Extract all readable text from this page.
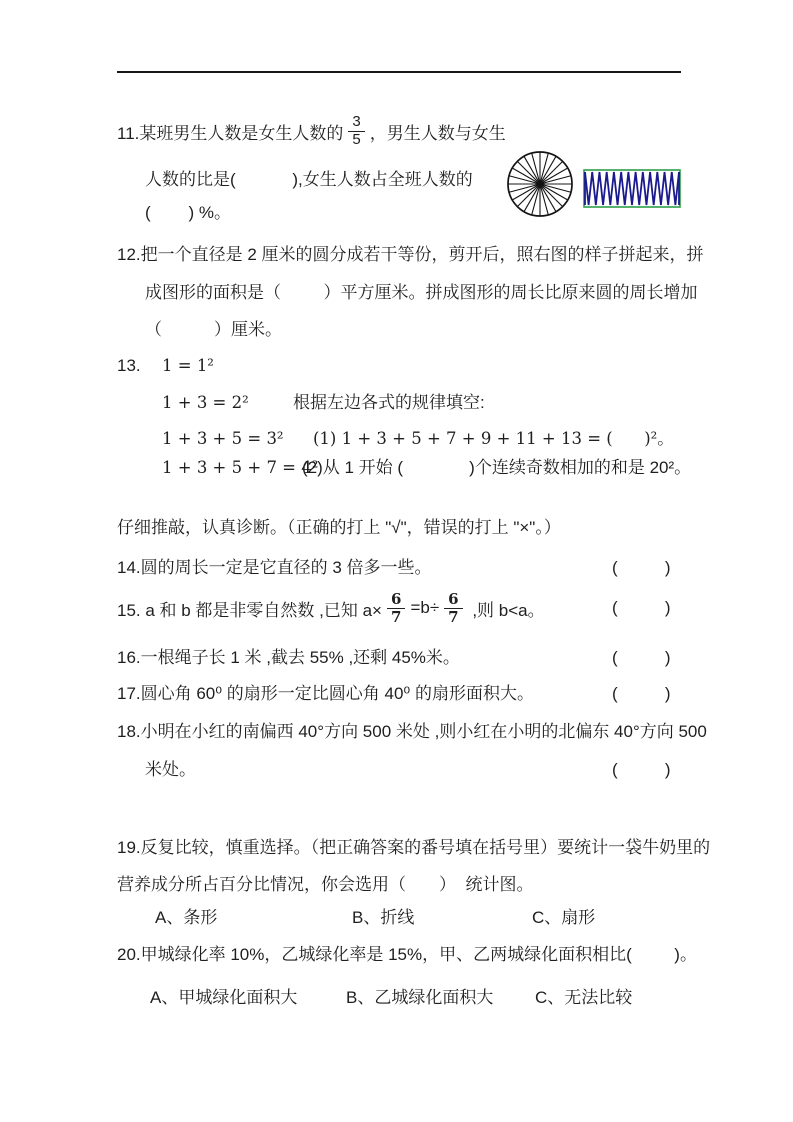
11.某班男生人数是女生人数的 $\frac{3}{5}$ ，男生人数与女生
人数的比是(            ),女生人数占全班人数的
(        ) %。
12.把一个直径是 2 厘米的圆分成若干等份，剪开后，照右图的样子拼起来，拼
成图形的面积是（         ）平方厘米。拼成图形的周长比原来圆的周长增加
（           ）厘米。
13. 1 = 1²
1 + 3 = 2²	根据左边各式的规律填空:
1 + 3 + 5 = 3² (1) 1 + 3 + 5 + 7 + 9 + 11 + 13 = (      )²。
1 + 3 + 5 + 7 = 4²
(2)从 1 开始 (              )个连续奇数相加的和是 20²。
仔细推敲，认真诊断。（正确的打上 "√"，错误的打上 "×"。）
14.圆的周长一定是它直径的 3 倍多一些。	(          )
15. a 和 b 都是非零自然数 ,已知 $a\times \frac{6}{7} =b\div \frac{6}{7}$ ,则 b<a。	(          )
16.一根绳子长 1 米 ,截去 55% ,还剩 45%米。	(          )
17.圆心角 60⁰ 的扇形一定比圆心角 40⁰ 的扇形面积大。	(          )
18.小明在小红的南偏西 40°方向 500 米处 ,则小红在小明的北偏东 40°方向 500
米处。	(          )
19.反复比较，慎重选择。（把正确答案的番号填在括号里）要统计一袋牛奶里的
营养成分所占百分比情况，你会选用（       ）  统计图。
A、条形	B、折线	C、扇形
20.甲城绿化率 10%，乙城绿化率是 15%，甲、乙两城绿化面积相比(         )。
A、甲城绿化面积大	B、乙城绿化面积大 C、无法比较
